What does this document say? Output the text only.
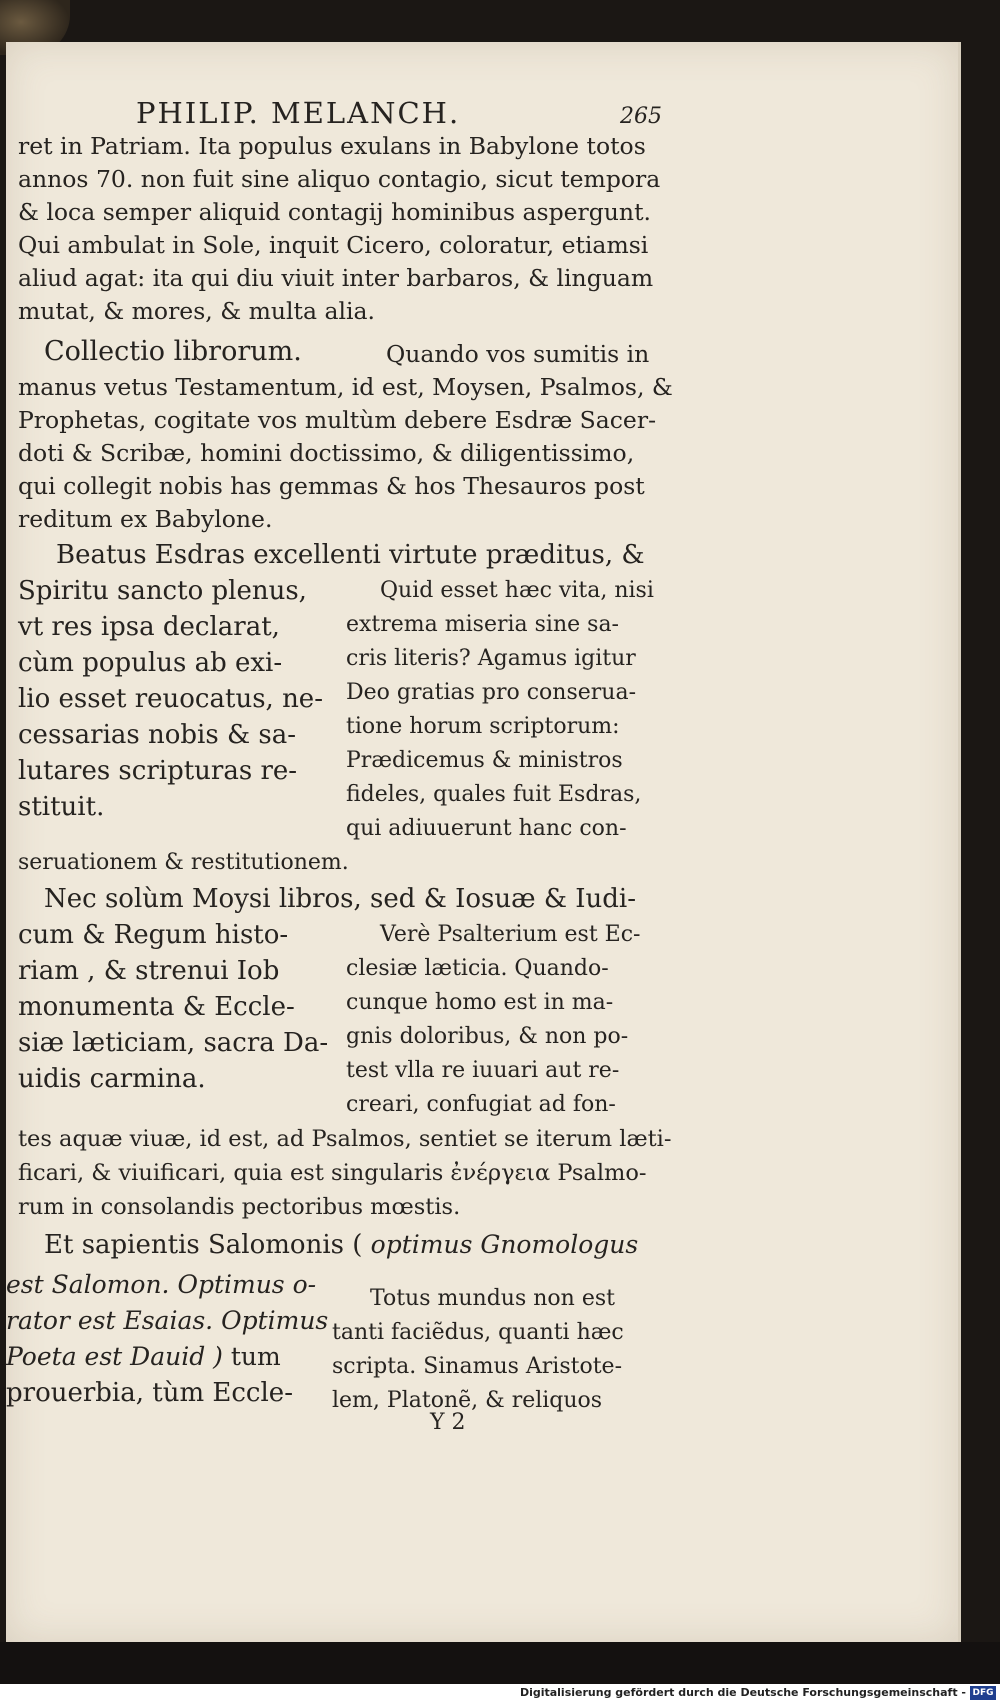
PHILIP. MELANCH.	265
ret in Patriam. Ita populus exulans in Babylone totos
annos 70. non fuit sine aliquo contagio, sicut tempora
& loca semper aliquid contagij hominibus aspergunt.
Qui ambulat in Sole, inquit Cicero, coloratur, etiamsi
aliud agat: ita qui diu viuit inter barbaros, & linguam
mutat, & mores, & multa alia.
Collectio librorum.	Quando vos sumitis in
manus vetus Testamentum, id est, Moysen, Psalmos, &
Prophetas, cogitate vos multùm debere Esdræ Sacer-
doti & Scribæ, homini doctissimo, & diligentissimo,
qui collegit nobis has gemmas & hos Thesauros post
reditum ex Babylone.
Beatus Esdras excellenti virtute præditus, &
Spiritu sancto plenus,
vt res ipsa declarat,
cùm populus ab exi-
lio esset reuocatus, ne-
cessarias nobis & sa-
lutares scripturas re-
stituit.
Quid esset hæc vita, nisi
extrema miseria sine sa-
cris literis? Agamus igitur
Deo gratias pro conserua-
tione horum scriptorum:
Prædicemus & ministros
fideles, quales fuit Esdras,
qui adiuuerunt hanc con-
seruationem & restitutionem.
Nec solùm Moysi libros, sed & Iosuæ & Iudi-
cum & Regum histo-
riam , & strenui Iob
monumenta & Eccle-
siæ læticiam, sacra Da-
uidis carmina.
Verè Psalterium est Ec-
clesiæ læticia. Quando-
cunque homo est in ma-
gnis doloribus, & non po-
test vlla re iuuari aut re-
creari, confugiat ad fon-
tes aquæ viuæ, id est, ad Psalmos, sentiet se iterum læti-
ficari, & viuificari, quia est singularis ἐνέργεια Psalmo-
rum in consolandis pectoribus mœstis.
Et sapientis Salomonis ( optimus Gnomologus
est Salomon. Optimus o-
rator est Esaias. Optimus
Poeta est Dauid ) tum
prouerbia, tùm Eccle-
Totus mundus non est
tanti faciẽdus, quanti hæc
scripta. Sinamus Aristote-
lem, Platonẽ, & reliquos
Y 2
Digitalisierung gefördert durch die Deutsche Forschungsgemeinschaft - DFG
